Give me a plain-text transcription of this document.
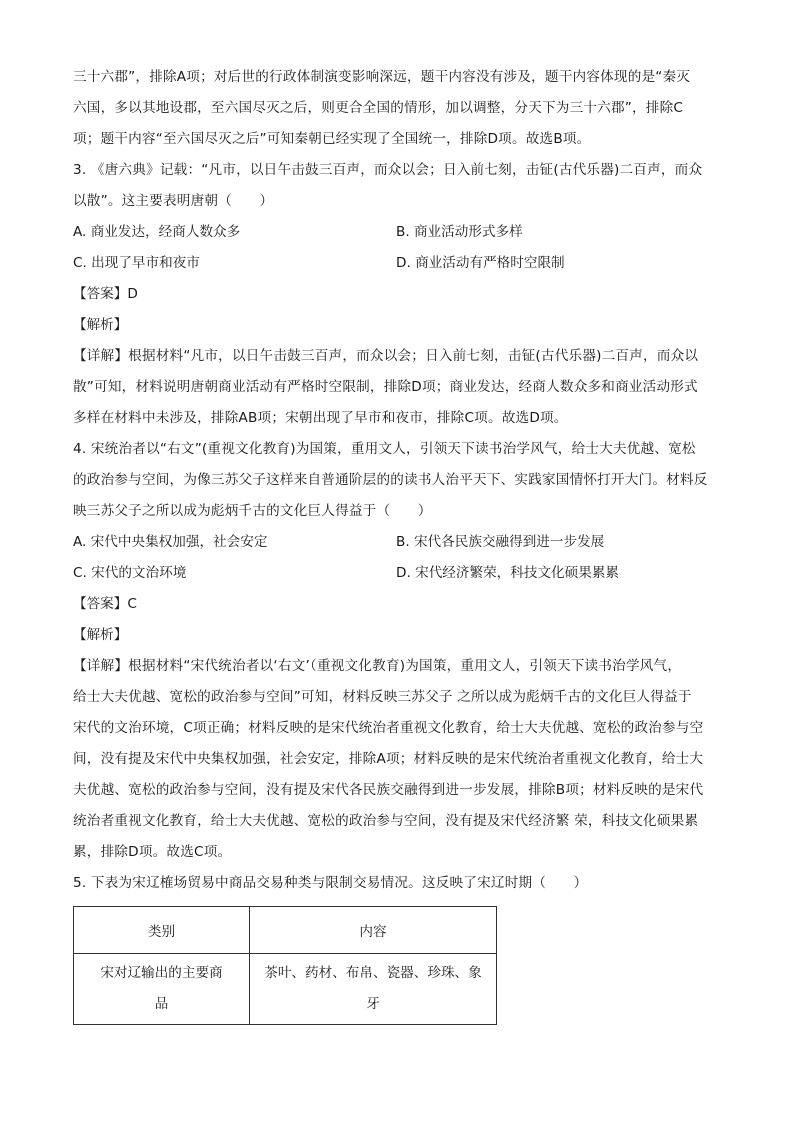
三十六郡”，排除A项；对后世的行政体制演变影响深远，题干内容没有涉及，题干内容体现的是“秦灭
六国，多以其地设郡，至六国尽灭之后，则更合全国的情形，加以调整，分天下为三十六郡”，排除C
项；题干内容“至六国尽灭之后”可知秦朝已经实现了全国统一，排除D项。故选B项。

3. 《唐六典》记载：“凡市，以日午击鼓三百声，而众以会；日入前七刻，击钲(古代乐器)二百声，而众
以散”。这主要表明唐朝（　　）

A. 商业发达，经商人数众多	B. 商业活动形式多样
C. 出现了早市和夜市	D. 商业活动有严格时空限制

【答案】D

【解析】

【详解】根据材料“凡市，以日午击鼓三百声，而众以会；日入前七刻，击钲(古代乐器)二百声，而众以
散”可知，材料说明唐朝商业活动有严格时空限制，排除D项；商业发达，经商人数众多和商业活动形式
多样在材料中未涉及，排除AB项；宋朝出现了早市和夜市，排除C项。故选D项。

4. 宋统治者以“右文”(重视文化教育)为国策，重用文人，引领天下读书治学风气，给士大夫优越、宽松
的政治参与空间，为像三苏父子这样来自普通阶层的的读书人治平天下、实践家国情怀打开大门。材料反
映三苏父子之所以成为彪炳千古的文化巨人得益于（　　）

A. 宋代中央集权加强，社会安定	B. 宋代各民族交融得到进一步发展
C. 宋代的文治环境	D. 宋代经济繁荣，科技文化硕果累累

【答案】C

【解析】

【详解】根据材料“宋代统治者以‘右文’（重视文化教育)为国策，重用文人，引领天下读书治学风气，
给士大夫优越、宽松的政治参与空间”可知，材料反映三苏父子 之所以成为彪炳千古的文化巨人得益于
宋代的文治环境，C项正确；材料反映的是宋代统治者重视文化教育，给士大夫优越、宽松的政治参与空
间，没有提及宋代中央集权加强，社会安定，排除A项；材料反映的是宋代统治者重视文化教育，给士大
夫优越、宽松的政治参与空间，没有提及宋代各民族交融得到进一步发展，排除B项；材料反映的是宋代
统治者重视文化教育，给士大夫优越、宽松的政治参与空间，没有提及宋代经济繁 荣，科技文化硕果累
累，排除D项。故选C项。

5. 下表为宋辽榷场贸易中商品交易种类与限制交易情况。这反映了宋辽时期（　　）

类别	内容
宋对辽输出的主要商
品	茶叶、药材、布帛、瓷器、珍珠、象
牙
